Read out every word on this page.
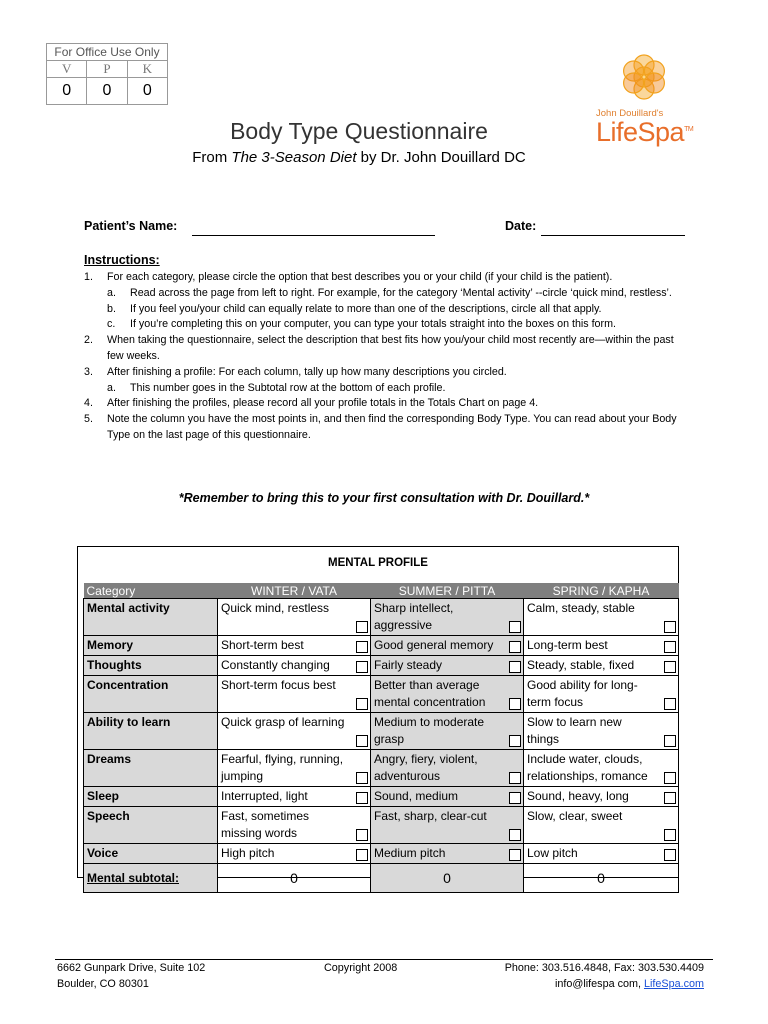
For Office Use Only		
V	P	K
0	0	0
John Douillard's
LifeSpa™
Body Type Questionnaire
From The 3-Season Diet by Dr. John Douillard DC
Patient’s Name:	Date:
Instructions:
1.	For each category, please circle the option that best describes you or your child (if your child is the patient).
a.	Read across the page from left to right. For example, for the category ‘Mental activity’ --circle ‘quick mind, restless’.
b.	If you feel you/your child can equally relate to more than one of the descriptions, circle all that apply.
c.	If you’re completing this on your computer, you can type your totals straight into the boxes on this form.
2.	When taking the questionnaire, select the description that best fits how you/your child most recently are—within the past few weeks.
3.	After finishing a profile: For each column, tally up how many descriptions you circled.
a.	This number goes in the Subtotal row at the bottom of each profile.
4.	After finishing the profiles, please record all your profile totals in the Totals Chart on page 4.
5.	Note the column you have the most points in, and then find the corresponding Body Type. You can read about your Body Type on the last page of this questionnaire.
*Remember to bring this to your first consultation with Dr. Douillard.*
MENTAL PROFILE
Category	WINTER / VATA	SUMMER / PITTA	SPRING / KAPHA
Mental activity	Quick mind, restless	Sharp intellect, aggressive	Calm, steady, stable

Memory	Short-term best	Good general memory	Long-term best

Thoughts	Constantly changing	Fairly steady	Steady, stable, fixed

Concentration	Short-term focus best	Better than average mental concentration	Good ability for long-term focus

Ability to learn	Quick grasp of learning	Medium to moderate grasp	Slow to learn new things

Dreams	Fearful, flying, running, jumping	Angry, fiery, violent, adventurous	Include water, clouds, relationships, romance

Sleep	Interrupted, light	Sound, medium	Sound, heavy, long

Speech	Fast, sometimes missing words	Fast, sharp, clear-cut	Slow, clear, sweet

Voice	High pitch	Medium pitch	Low pitch

Mental subtotal:	0	0	0
6662 Gunpark Drive, Suite 102
Boulder, CO 80301
Copyright 2008	Phone: 303.516.4848, Fax: 303.530.4409
info@lifespa com, LifeSpa.com
